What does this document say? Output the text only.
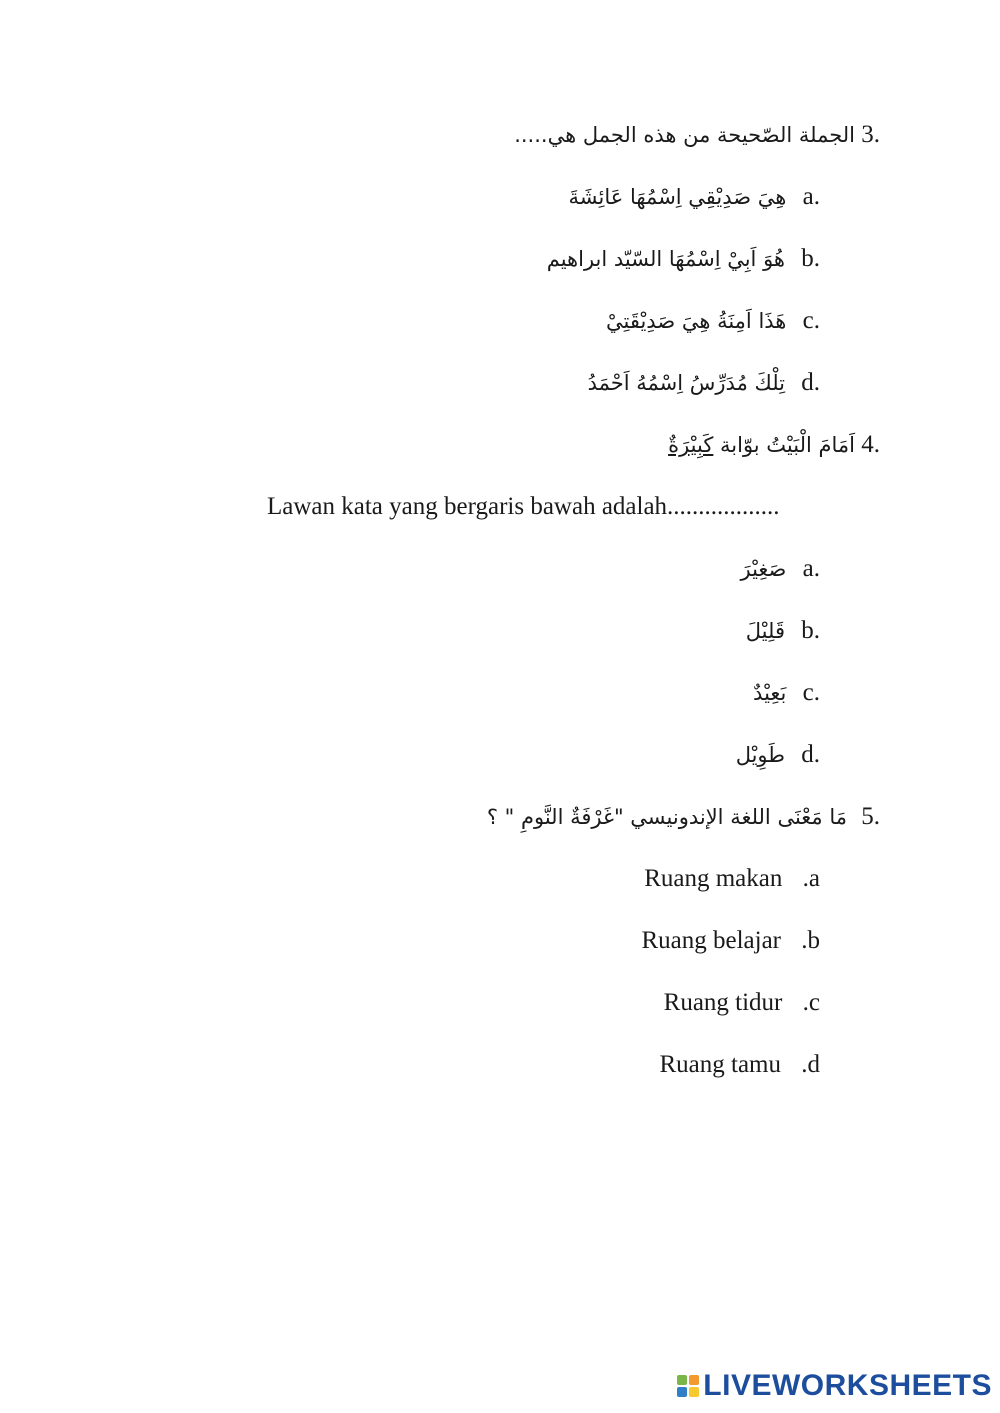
الجملة الصّحيحة من هذه الجمل هي..... 3.
هِيَ صَدِيْقِي اِسْمُهَا عَائِشَةَ a.
هُوَ اَبِيْ اِسْمُهَا السّيّد ابراهيم b.
هَذَا اَمِنَةُ هِيَ صَدِيْقَتِيْ c.
تِلْكَ مُدَرِّسُ اِسْمُهُ اَحْمَدُ d.
اَمَامَ الْبَيْتُ بوّابة كَبِيْرَةٌ	4.
Lawan kata yang bergaris bawah adalah..................
صَغِيْرَ a.
قَلِيْلَ b.
بَعِيْدٌ c.
طَوِيْل d.
مَا مَعْنَى اللغة الإندونيسي "غَرْفَةٌ النَّومِ " ؟ 5.
Ruang makan .a
Ruang belajar .b
Ruang tidur .c
Ruang tamu .d
LIVEWORKSHEETS
